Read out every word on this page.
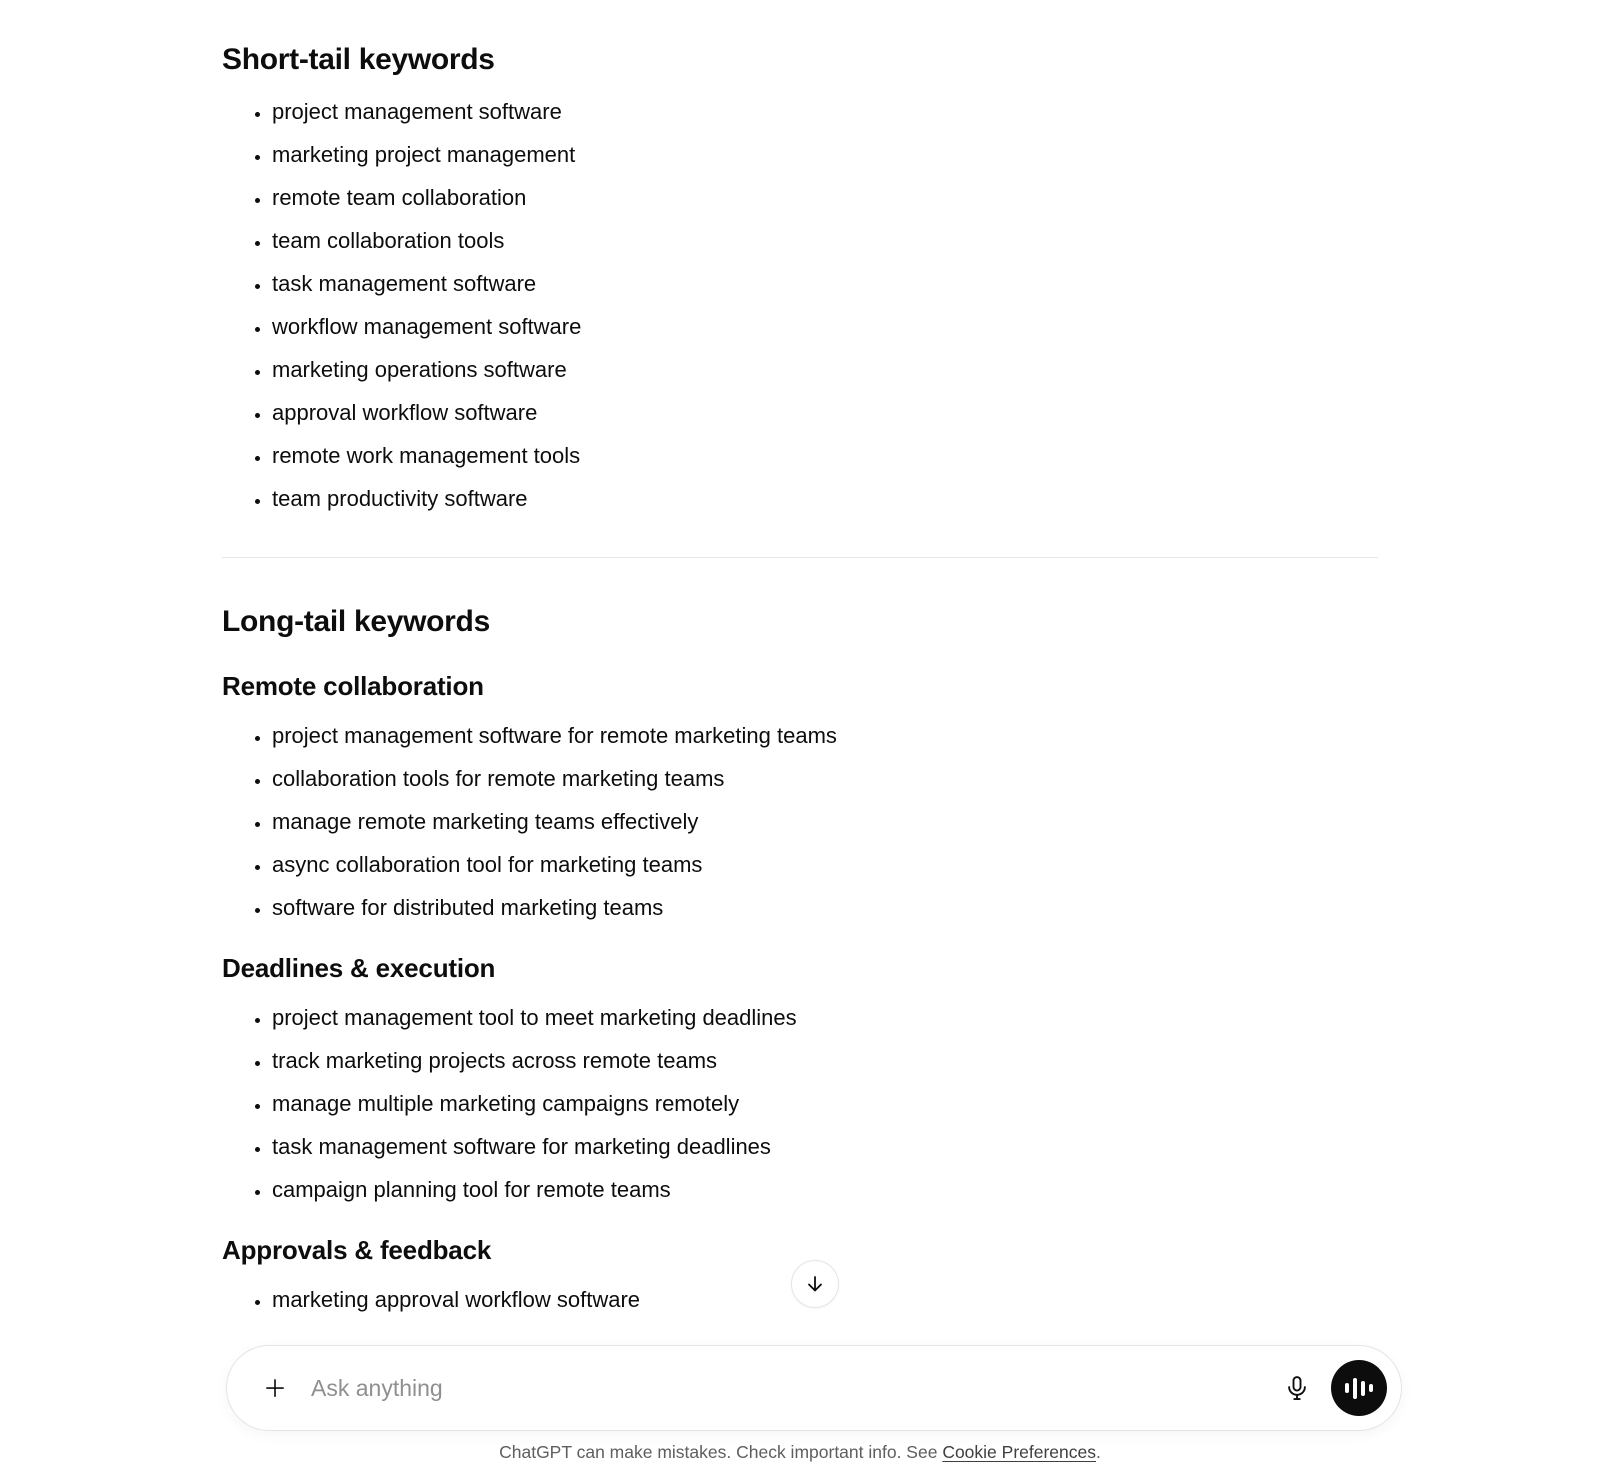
Short-tail keywords
• project management software
• marketing project management
• remote team collaboration
• team collaboration tools
• task management software
• workflow management software
• marketing operations software
• approval workflow software
• remote work management tools
• team productivity software
Long-tail keywords
Remote collaboration
• project management software for remote marketing teams
• collaboration tools for remote marketing teams
• manage remote marketing teams effectively
• async collaboration tool for marketing teams
• software for distributed marketing teams
Deadlines & execution
• project management tool to meet marketing deadlines
• track marketing projects across remote teams
• manage multiple marketing campaigns remotely
• task management software for marketing deadlines
• campaign planning tool for remote teams
Approvals & feedback
• marketing approval workflow software
Ask anything
ChatGPT can make mistakes. Check important info. See Cookie Preferences.
